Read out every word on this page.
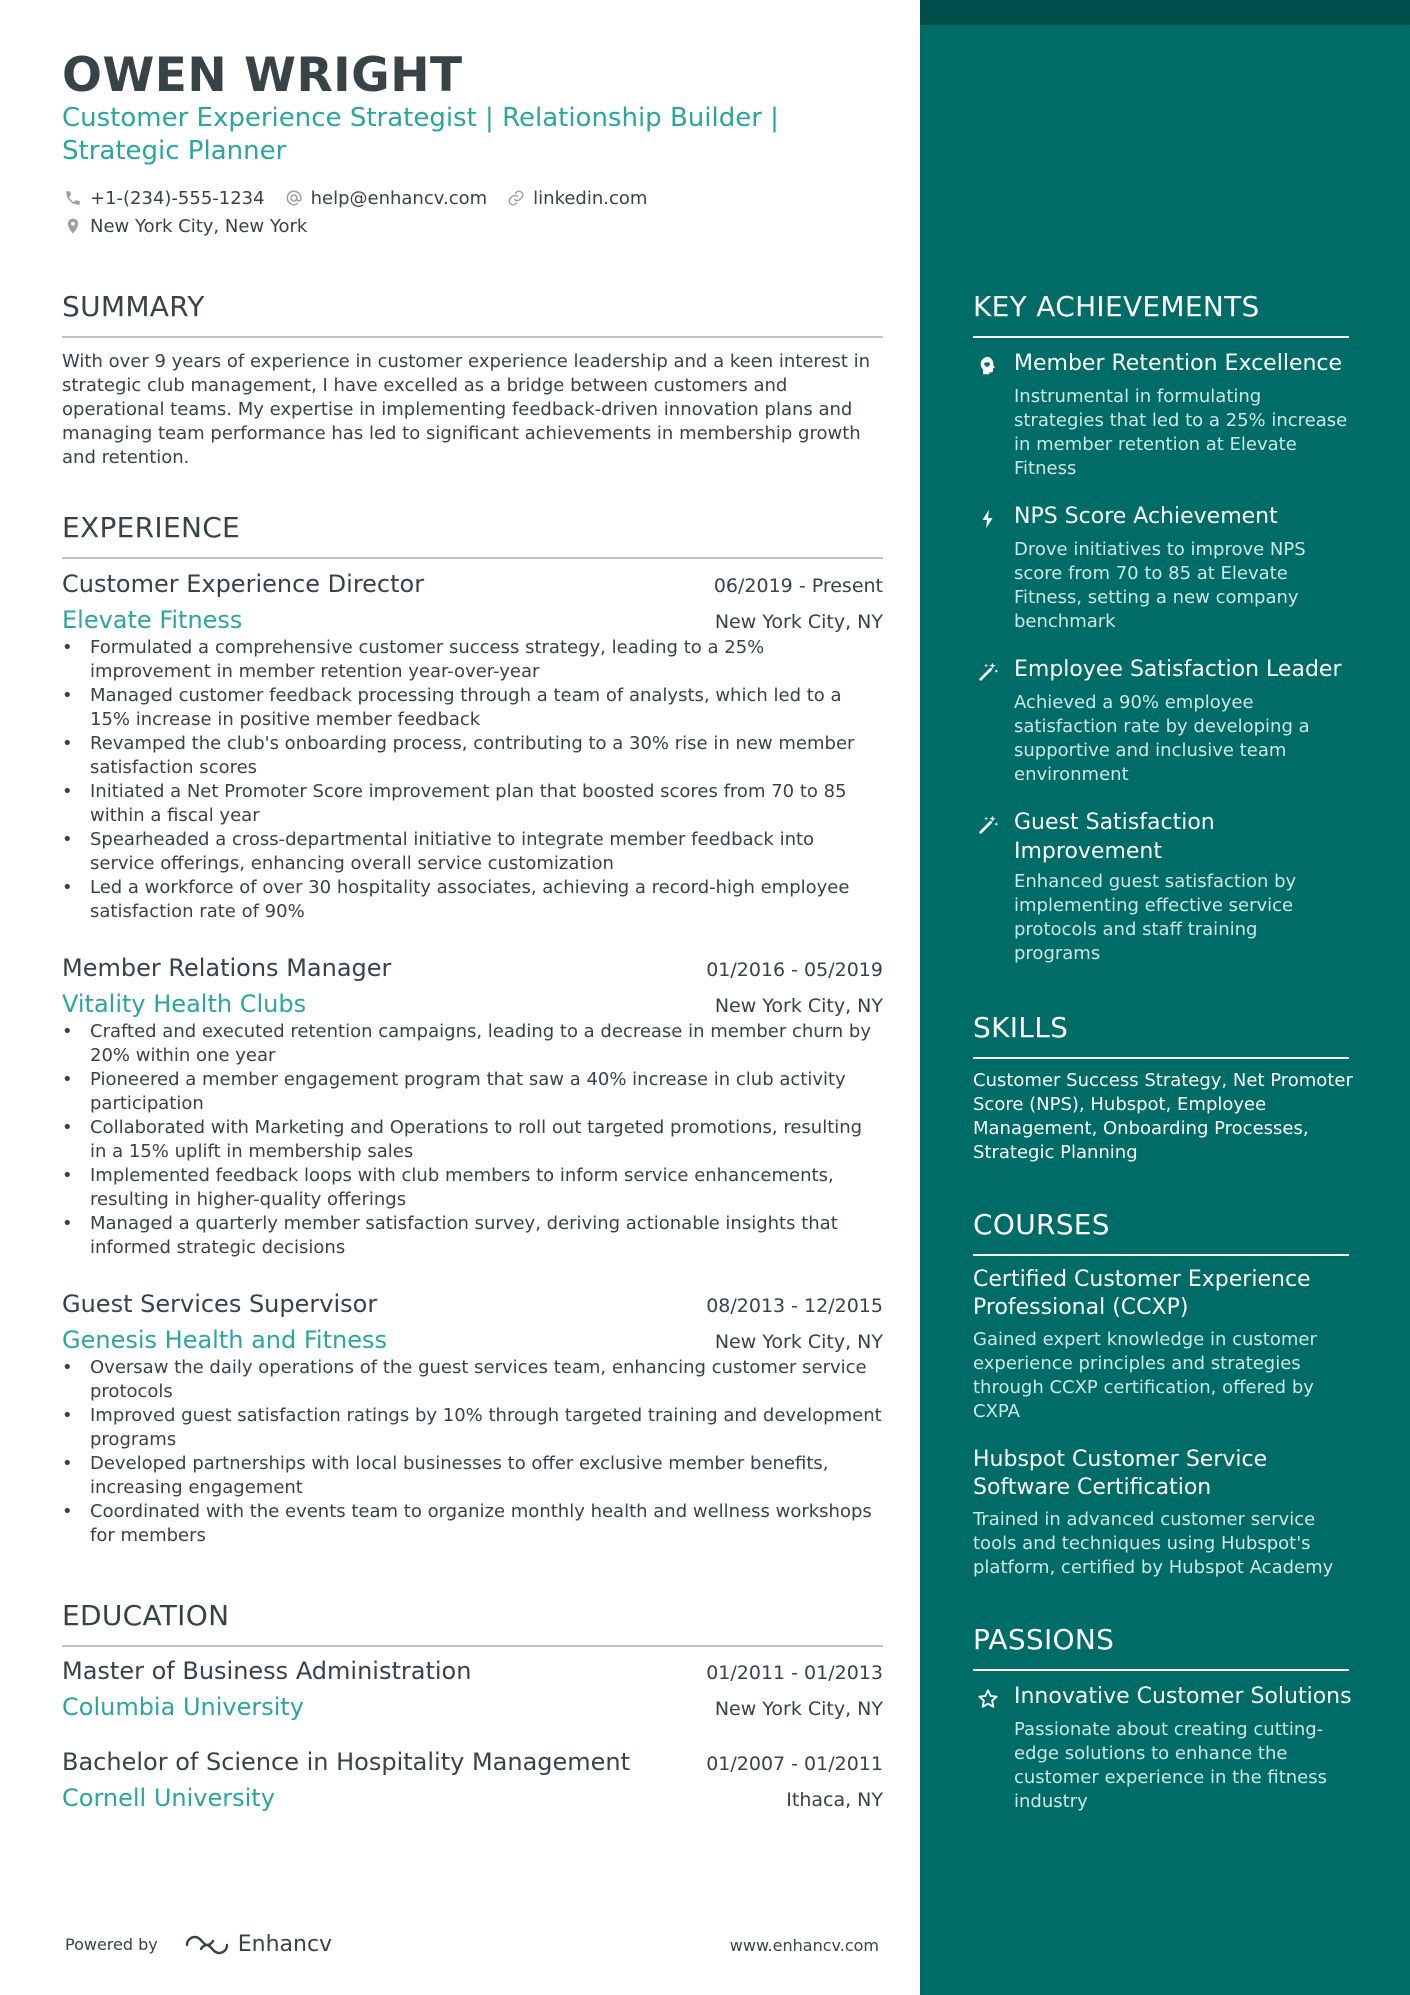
OWEN WRIGHT
Customer Experience Strategist | Relationship Builder | Strategic Planner
+1-(234)-555-1234	help@enhancv.com	linkedin.com
New York City, New York
SUMMARY
With over 9 years of experience in customer experience leadership and a keen interest in strategic club management, I have excelled as a bridge between customers and operational teams. My expertise in implementing feedback-driven innovation plans and managing team performance has led to significant achievements in membership growth and retention.
EXPERIENCE
Customer Experience Director	06/2019 - Present
Elevate Fitness	New York City, NY
• Formulated a comprehensive customer success strategy, leading to a 25% improvement in member retention year-over-year
• Managed customer feedback processing through a team of analysts, which led to a 15% increase in positive member feedback
• Revamped the club's onboarding process, contributing to a 30% rise in new member satisfaction scores
• Initiated a Net Promoter Score improvement plan that boosted scores from 70 to 85 within a fiscal year
• Spearheaded a cross-departmental initiative to integrate member feedback into service offerings, enhancing overall service customization
• Led a workforce of over 30 hospitality associates, achieving a record-high employee satisfaction rate of 90%
Member Relations Manager	01/2016 - 05/2019
Vitality Health Clubs	New York City, NY
• Crafted and executed retention campaigns, leading to a decrease in member churn by 20% within one year
• Pioneered a member engagement program that saw a 40% increase in club activity participation
• Collaborated with Marketing and Operations to roll out targeted promotions, resulting in a 15% uplift in membership sales
• Implemented feedback loops with club members to inform service enhancements, resulting in higher-quality offerings
• Managed a quarterly member satisfaction survey, deriving actionable insights that informed strategic decisions
Guest Services Supervisor	08/2013 - 12/2015
Genesis Health and Fitness	New York City, NY
• Oversaw the daily operations of the guest services team, enhancing customer service protocols
• Improved guest satisfaction ratings by 10% through targeted training and development programs
• Developed partnerships with local businesses to offer exclusive member benefits, increasing engagement
• Coordinated with the events team to organize monthly health and wellness workshops for members
EDUCATION
Master of Business Administration	01/2011 - 01/2013
Columbia University	New York City, NY
Bachelor of Science in Hospitality Management	01/2007 - 01/2011
Cornell University	Ithaca, NY
Powered by	Enhancv	www.enhancv.com
KEY ACHIEVEMENTS
Member Retention Excellence
Instrumental in formulating strategies that led to a 25% increase in member retention at Elevate Fitness
NPS Score Achievement
Drove initiatives to improve NPS score from 70 to 85 at Elevate Fitness, setting a new company benchmark
Employee Satisfaction Leader
Achieved a 90% employee satisfaction rate by developing a supportive and inclusive team environment
Guest Satisfaction Improvement
Enhanced guest satisfaction by implementing effective service protocols and staff training programs
SKILLS
Customer Success Strategy, Net Promoter Score (NPS), Hubspot, Employee Management, Onboarding Processes, Strategic Planning
COURSES
Certified Customer Experience Professional (CCXP)
Gained expert knowledge in customer experience principles and strategies through CCXP certification, offered by CXPA
Hubspot Customer Service Software Certification
Trained in advanced customer service tools and techniques using Hubspot's platform, certified by Hubspot Academy
PASSIONS
Innovative Customer Solutions
Passionate about creating cutting-edge solutions to enhance the customer experience in the fitness industry
